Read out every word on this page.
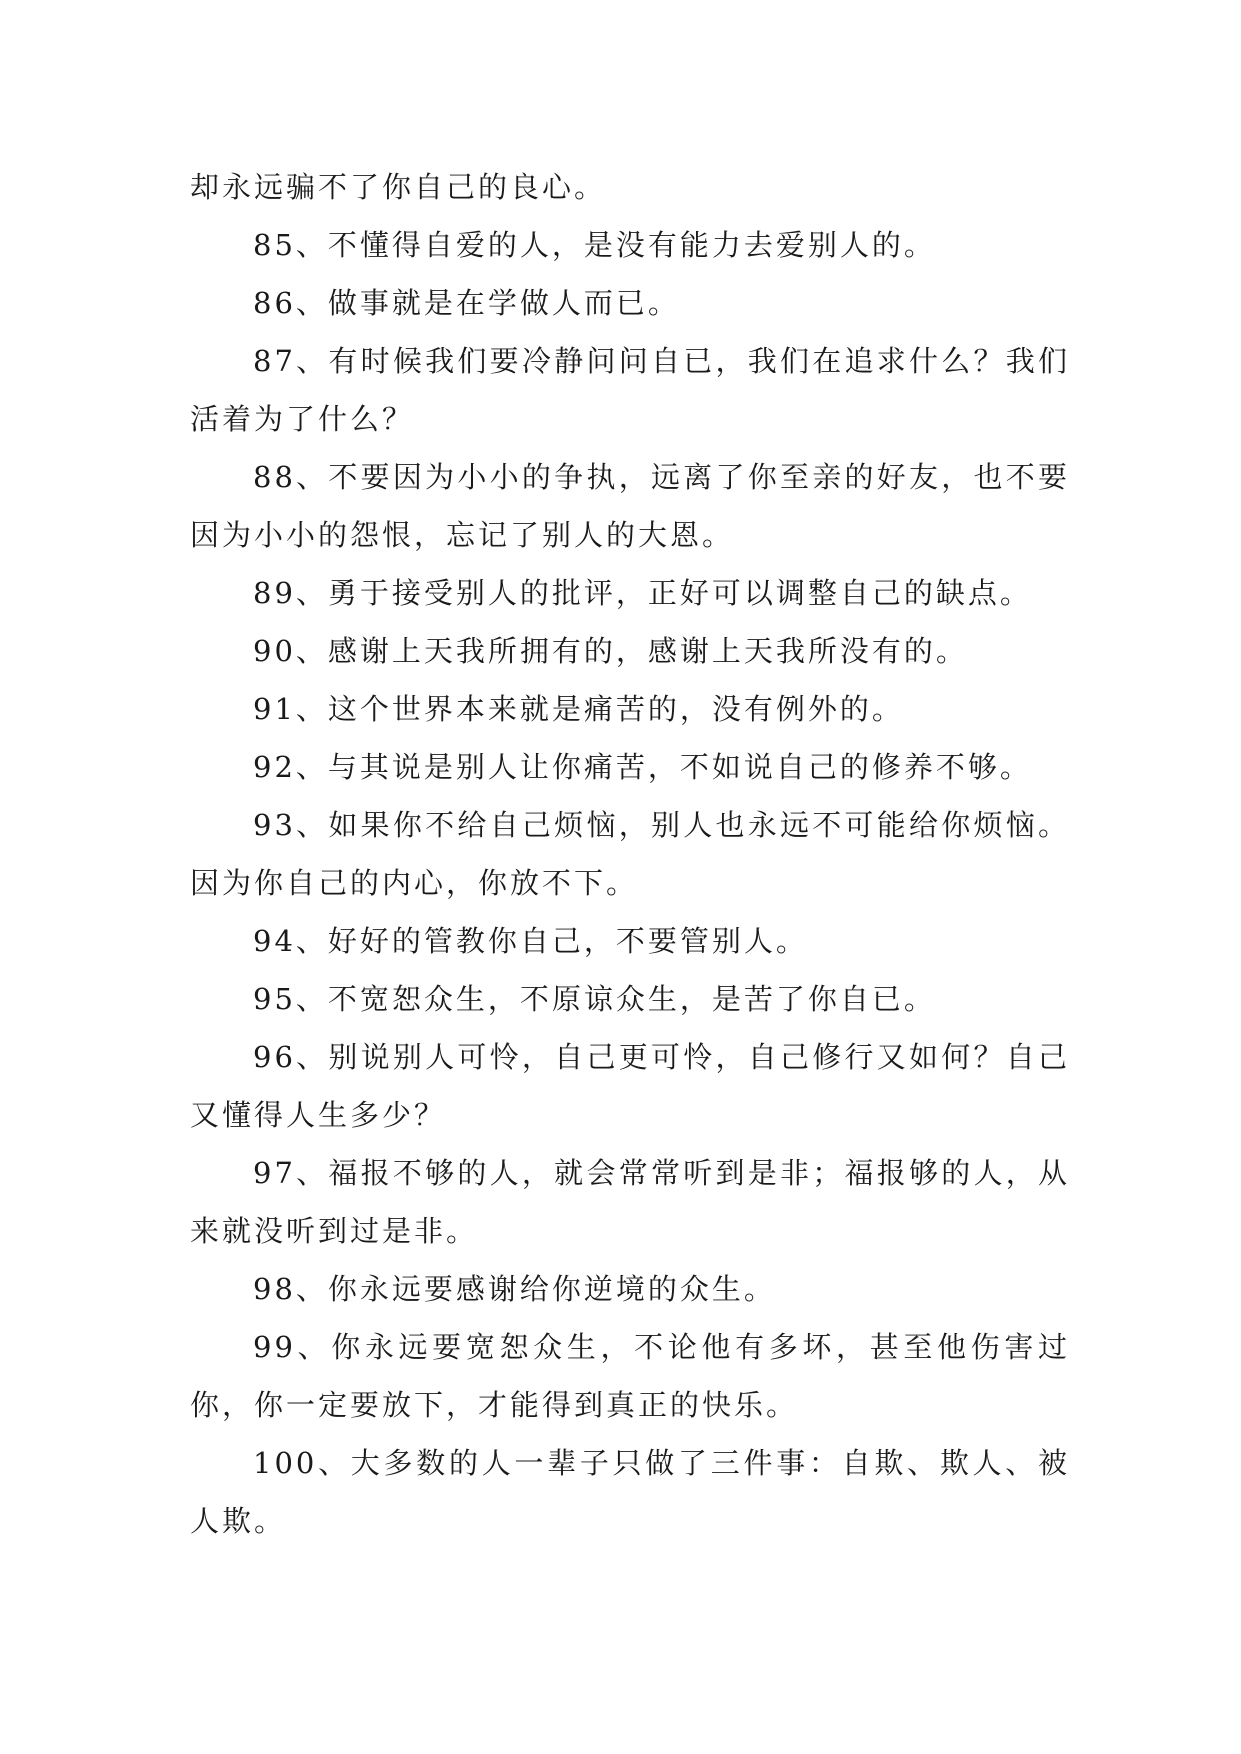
却永远骗不了你自己的良心。

85、不懂得自爱的人，是没有能力去爱别人的。

86、做事就是在学做人而已。

87、有时候我们要冷静问问自已，我们在追求什么？我们活着为了什么？

88、不要因为小小的争执，远离了你至亲的好友，也不要因为小小的怨恨，忘记了别人的大恩。

89、勇于接受别人的批评，正好可以调整自己的缺点。

90、感谢上天我所拥有的，感谢上天我所没有的。

91、这个世界本来就是痛苦的，没有例外的。

92、与其说是别人让你痛苦，不如说自己的修养不够。

93、如果你不给自己烦恼，别人也永远不可能给你烦恼。因为你自己的内心，你放不下。

94、好好的管教你自己，不要管别人。

95、不宽恕众生，不原谅众生，是苦了你自已。

96、别说别人可怜，自己更可怜，自己修行又如何？自己又懂得人生多少？

97、福报不够的人，就会常常听到是非；福报够的人，从来就没听到过是非。

98、你永远要感谢给你逆境的众生。

99、你永远要宽恕众生，不论他有多坏，甚至他伤害过你，你一定要放下，才能得到真正的快乐。

100、大多数的人一辈子只做了三件事：自欺、欺人、被人欺。
